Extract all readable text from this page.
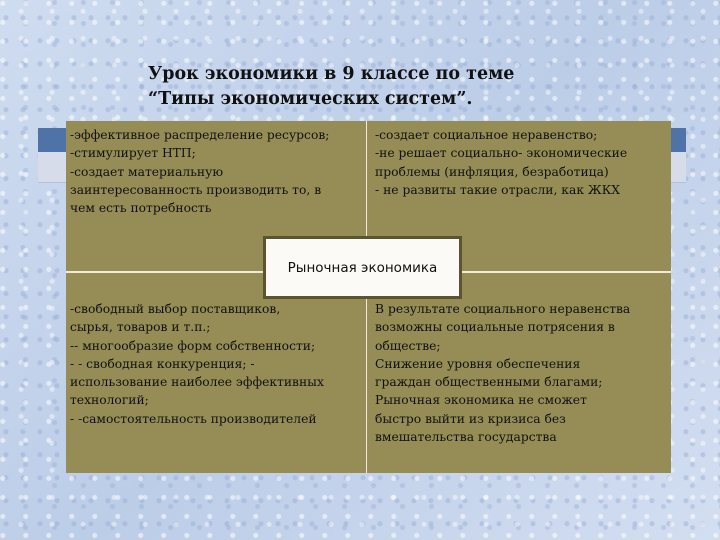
Урок экономики в 9 классе по теме
“Типы экономических систем”.
-эффективное распределение ресурсов;
-стимулирует НТП;
-создает материальную
заинтересованность производить то, в
чем есть потребность
-создает социальное неравенство;
-не решает социально- экономические
проблемы (инфляция, безработица)
- не развиты такие отрасли, как ЖКХ
-свободный выбор поставщиков,
сырья, товаров и т.п.;
-- многообразие форм собственности;
- - свободная конкуренция; -
использование наиболее эффективных
технологий;
- -самостоятельность производителей
В результате социального неравенства
возможны социальные потрясения в
обществе;
Снижение уровня обеспечения
граждан общественными благами;
Рыночная экономика не сможет
быстро выйти из кризиса без
вмешательства государства
Рыночная экономика
